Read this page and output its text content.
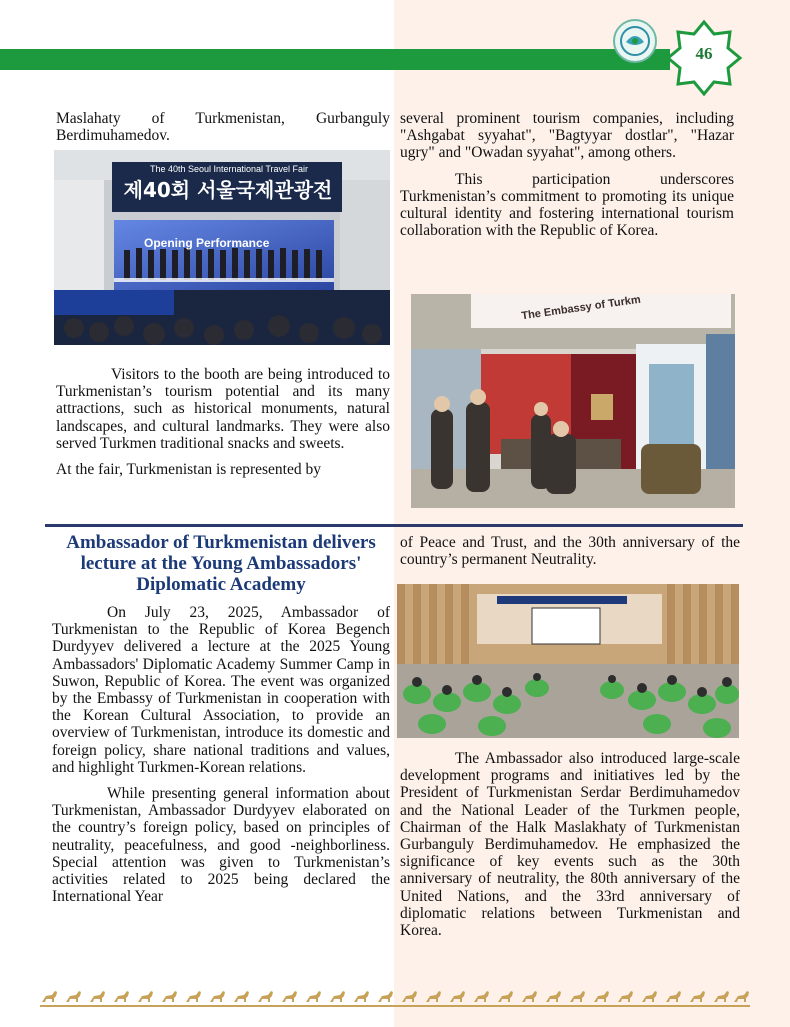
46

Maslahaty of Turkmenistan, Gurbanguly Berdimuhamedov.

The 40th Seoul International Travel Fair
제40회 서울국제관광전
Opening Performance

Visitors to the booth are being introduced to Turkmenistan’s tourism potential and its many attractions, such as historical monuments, natural landscapes, and cultural landmarks. They were also served Turkmen traditional snacks and sweets.

At the fair, Turkmenistan is represented by

several prominent tourism companies, including "Ashgabat syyahat", "Bagtyyar dostlar", "Hazar ugry" and "Owadan syyahat", among others.

This participation underscores Turkmenistan’s commitment to promoting its unique cultural identity and fostering international tourism collaboration with the Republic of Korea.

The Embassy of Turkm
Ambassador of Turkmenistan delivers lecture at the Young Ambassadors' Diplomatic Academy

On July 23, 2025, Ambassador of Turkmenistan to the Republic of Korea Begench Durdyyev delivered a lecture at the 2025 Young Ambassadors' Diplomatic Academy Summer Camp in Suwon, Republic of Korea. The event was organized by the Embassy of Turkmenistan in cooperation with the Korean Cultural Association, to provide an overview of Turkmenistan, introduce its domestic and foreign policy, share national traditions and values, and highlight Turkmen-Korean relations.

While presenting general information about Turkmenistan, Ambassador Durdyyev elaborated on the country’s foreign policy, based on principles of neutrality, peacefulness, and good -neighborliness. Special attention was given to Turkmenistan’s activities related to 2025 being declared the International Year

of Peace and Trust, and the 30th anniversary of the country’s permanent Neutrality.

The Ambassador also introduced large-scale development programs and initiatives led by the President of Turkmenistan Serdar Berdimuhamedov and the National Leader of the Turkmen people, Chairman of the Halk Maslakhaty of Turkmenistan Gurbanguly Berdimuhamedov. He emphasized the significance of key events such as the 30th anniversary of neutrality, the 80th anniversary of the United Nations, and the 33rd anniversary of diplomatic relations between Turkmenistan and Korea.
